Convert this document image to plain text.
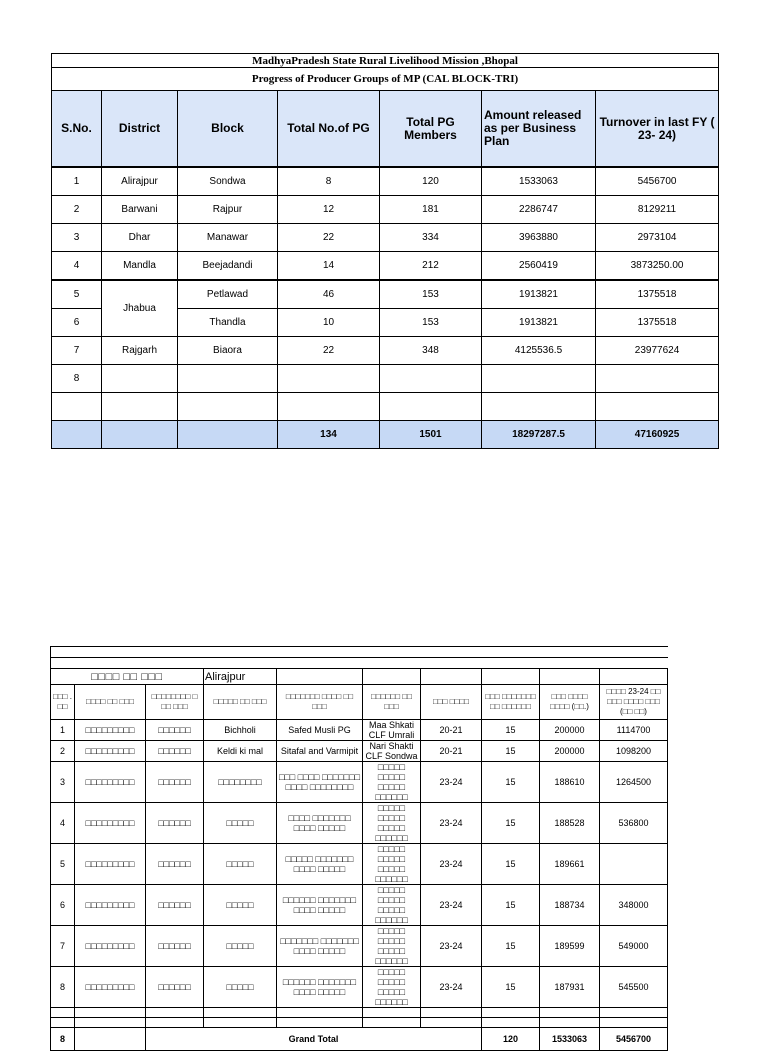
MadhyaPradesh State Rural Livelihood Mission ,Bhopal						
Progress of Producer Groups of MP (CAL BLOCK-TRI)						
S.No.	District	Block	Total No.of PG	Total PG Members	Amount released as per Business Plan	Turnover in last FY ( 23- 24)
1	Alirajpur	Sondwa	8	120	1533063	5456700
2	Barwani	Rajpur	12	181	2286747	8129211
3	Dhar	Manawar	22	334	3963880	2973104
4	Mandla	Beejadandi	14	212	2560419	3873250.00
5	Jhabua	Petlawad	46	153	1913821	1375518
6		Thandla	10	153	1913821	1375518
7	Rajgarh	Biaora	22	348	4125536.5	23977624
8						

			134	1501	18297287.5	47160925

□□□□ □□ □□□			Alirajpur						
□□□ . □□	□□□□ □□ □□□	□□□□□□□□ □ □□ □□□	□□□□□ □□ □□□	□□□□□□□ □□□□ □□ □□□	□□□□□□ □□ □□□	□□□ □□□□	□□□ □□□□□□□ □□ □□□□□□	□□□ □□□□ □□□□ (□□.)	□□□□ 23-24 □□ □□□ □□□□ □□□ (□□ □□)
1	□□□□□□□□□	□□□□□□	Bichholi	Safed Musli PG	Maa Shkati CLF Umrali	20-21	15	200000	1114700
2	□□□□□□□□□	□□□□□□	Keldi ki mal	Sitafal and Varmipit	Nari Shakti CLF Sondwa	20-21	15	200000	1098200
3	□□□□□□□□□	□□□□□□	□□□□□□□□	□□□ □□□□ □□□□□□□ □□□□ □□□□□□□□	□□□□□ □□□□□ □□□□□ □□□□□□	23-24	15	188610	1264500
4	□□□□□□□□□	□□□□□□	□□□□□	□□□□ □□□□□□□ □□□□ □□□□□	□□□□□ □□□□□ □□□□□ □□□□□□	23-24	15	188528	536800
5	□□□□□□□□□	□□□□□□	□□□□□	□□□□□ □□□□□□□ □□□□ □□□□□	□□□□□ □□□□□ □□□□□ □□□□□□	23-24	15	189661	
6	□□□□□□□□□	□□□□□□	□□□□□	□□□□□□ □□□□□□□ □□□□ □□□□□	□□□□□ □□□□□ □□□□□ □□□□□□	23-24	15	188734	348000
7	□□□□□□□□□	□□□□□□	□□□□□	□□□□□□□ □□□□□□□ □□□□ □□□□□	□□□□□ □□□□□ □□□□□ □□□□□□	23-24	15	189599	549000
8	□□□□□□□□□	□□□□□□	□□□□□	□□□□□□ □□□□□□□ □□□□ □□□□□	□□□□□ □□□□□ □□□□□ □□□□□□	23-24	15	187931	545500

8		Grand Total					120	1533063	5456700
